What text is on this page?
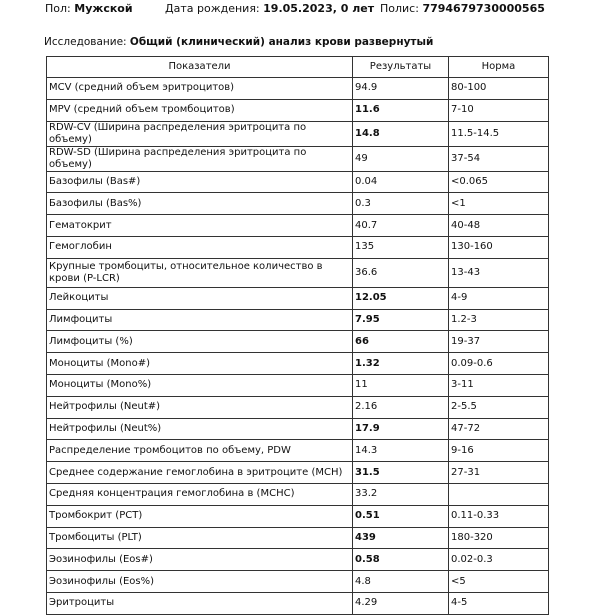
Пол: Мужской	Дата рождения: 19.05.2023, 0 лет Полис: 7794679730000565
Исследование: Общий (клинический) анализ крови развернутый
Показатели	Результаты	Норма
MCV (средний объем эритроцитов)	94.9	80-100
MPV (средний объем тромбоцитов)	11.6	7-10
RDW-CV (Ширина распределения эритроцита по объему)	14.8	11.5-14.5
RDW-SD (Ширина распределения эритроцита по объему)	49	37-54
Базофилы (Bas#)	0.04	<0.065
Базофилы (Bas%)	0.3	<1
Гематокрит	40.7	40-48
Гемоглобин	135	130-160
Крупные тромбоциты, относительное количество в крови (P-LCR)	36.6	13-43
Лейкоциты	12.05	4-9
Лимфоциты	7.95	1.2-3
Лимфоциты (%)	66	19-37
Моноциты (Mono#)	1.32	0.09-0.6
Моноциты (Mono%)	11	3-11
Нейтрофилы (Neut#)	2.16	2-5.5
Нейтрофилы (Neut%)	17.9	47-72
Распределение тромбоцитов по объему, PDW	14.3	9-16
Среднее содержание гемоглобина в эритроците (MCH)	31.5	27-31
Средняя концентрация гемоглобина в (MCHC)	33.2	
Тромбокрит (PCT)	0.51	0.11-0.33
Тромбоциты (PLT)	439	180-320
Эозинофилы (Eos#)	0.58	0.02-0.3
Эозинофилы (Eos%)	4.8	<5
Эритроциты	4.29	4-5
